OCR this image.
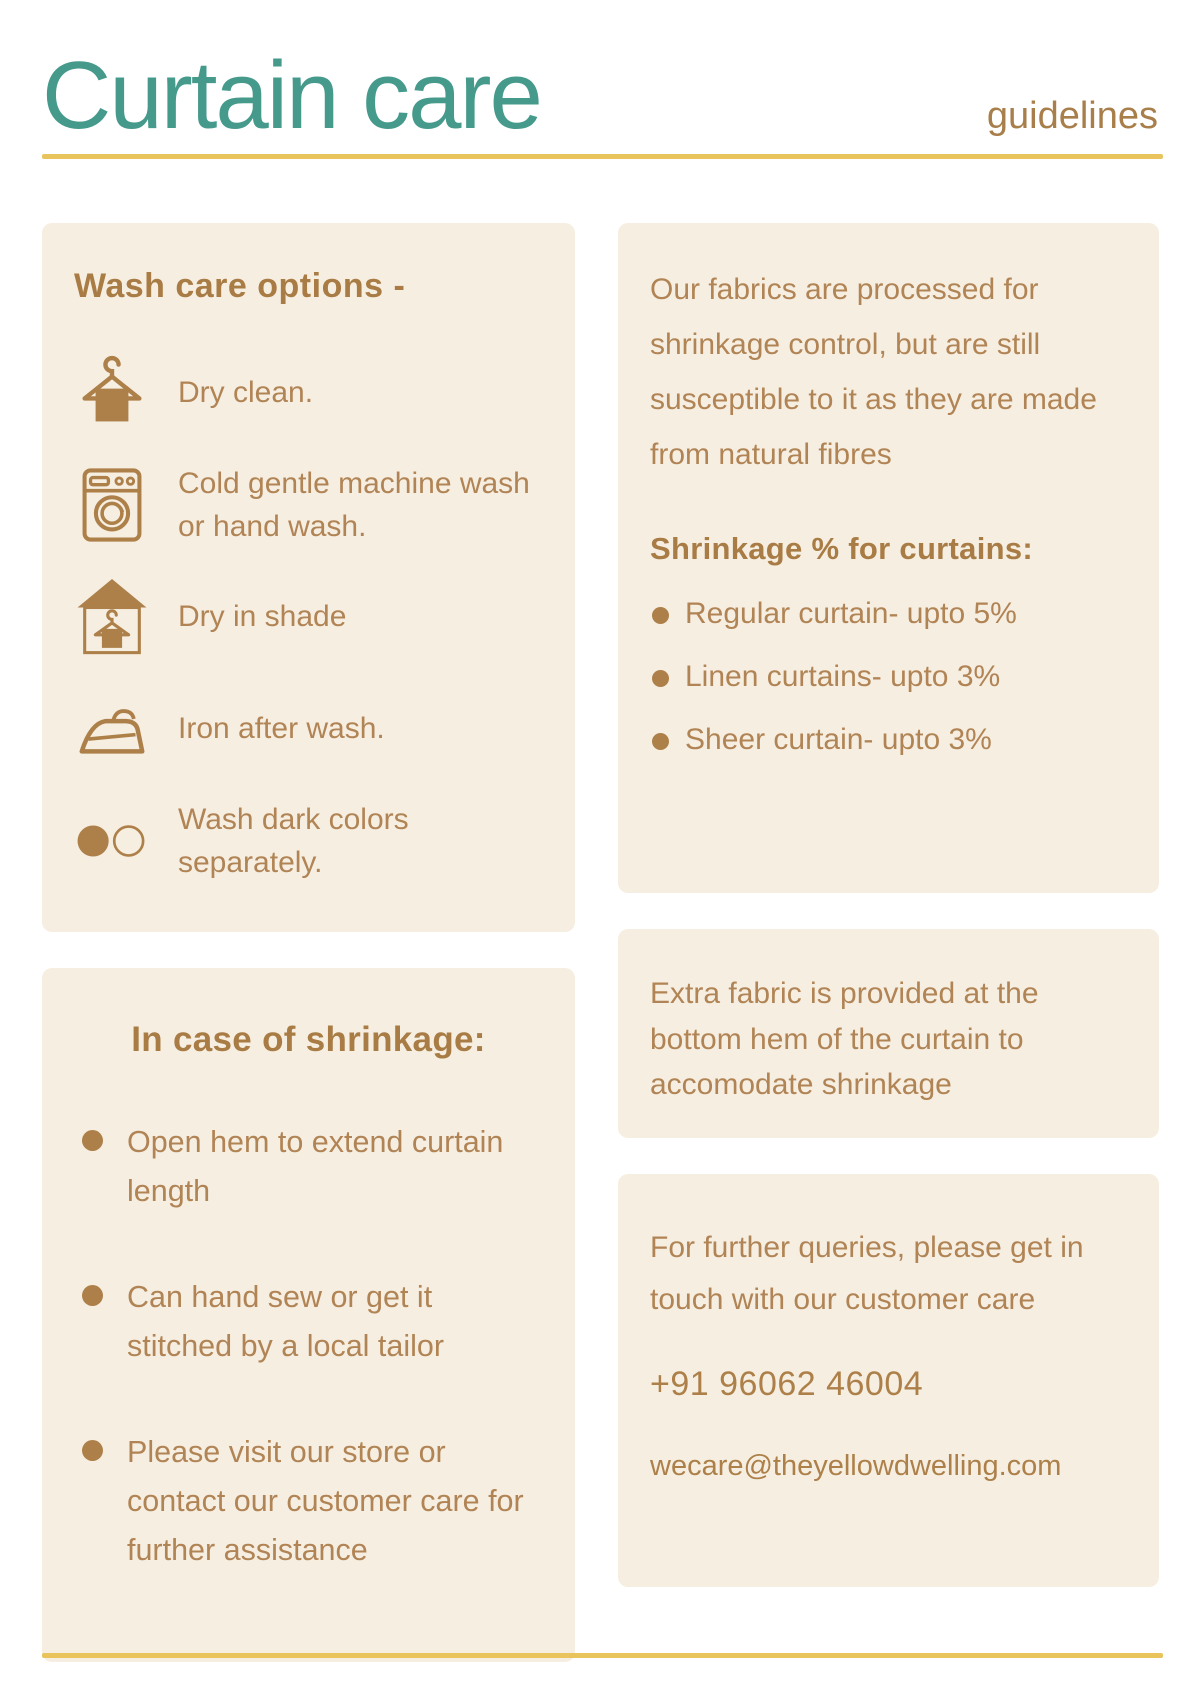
Curtain care	guidelines
Wash care options -
Dry clean.
Cold gentle machine wash or hand wash.
Dry in shade
Iron after wash.
Wash dark colors separately.
In case of shrinkage:
Open hem to extend curtain length
Can hand sew or get it stitched by a local tailor
Please visit our store or contact our customer care for further assistance

Our fabrics are processed for shrinkage control, but are still susceptible to it as they are made from natural fibres

Shrinkage % for curtains:
Regular curtain- upto 5%
Linen curtains- upto 3%
Sheer curtain- upto 3%

Extra fabric is provided at the bottom hem of the curtain to accomodate shrinkage

For further queries, please get in touch with our customer care

+91 96062 46004
wecare@theyellowdwelling.com
